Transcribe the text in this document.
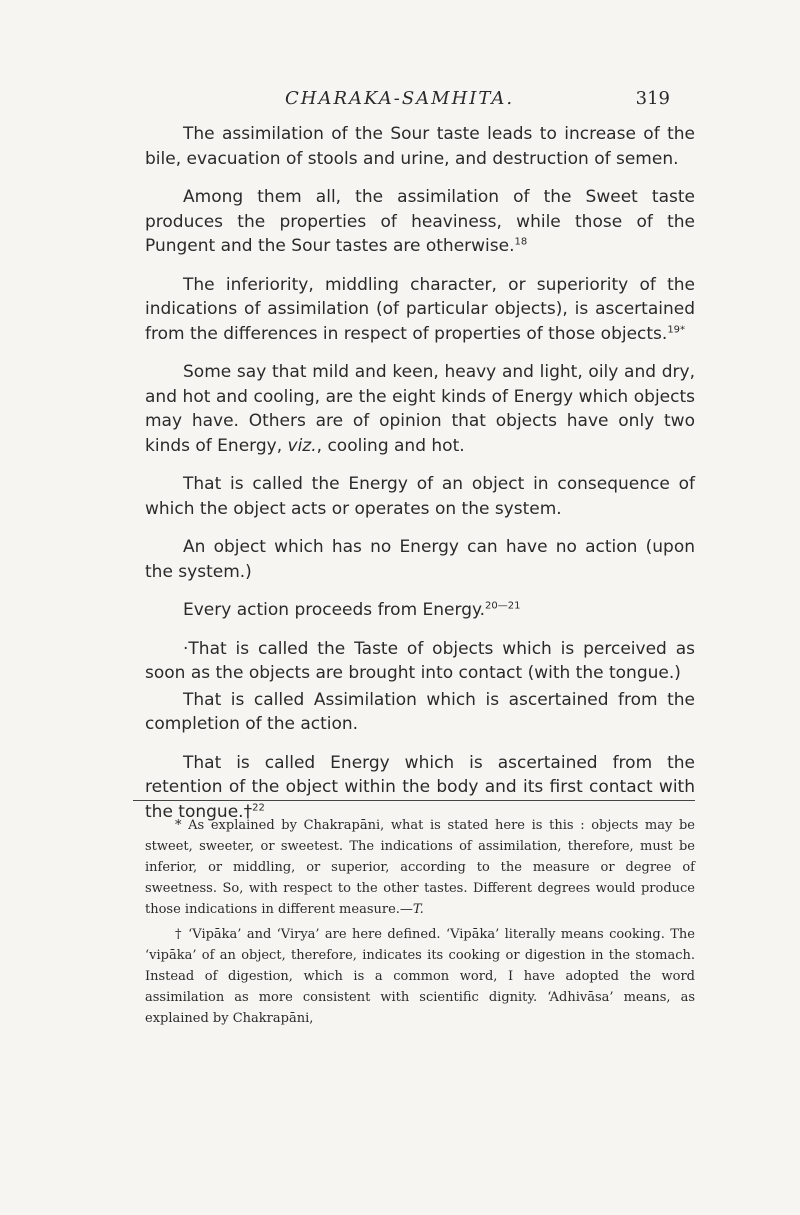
CHARAKA-SAMHITA.	319

The assimilation of the Sour taste leads to increase of the bile, evacuation of stools and urine, and destruction of semen.

Among them all, the assimilation of the Sweet taste produces the properties of heaviness, while those of the Pungent and the Sour tastes are otherwise.$^{18}$

The inferiority, middling character, or superiority of the indications of assimilation (of particular objects), is ascertained from the differences in respect of properties of those objects.$^{19*}$

Some say that mild and keen, heavy and light, oily and dry, and hot and cooling, are the eight kinds of Energy which objects may have. Others are of opinion that objects have only two kinds of Energy, viz., cooling and hot.

That is called the Energy of an object in consequence of which the object acts or operates on the system.

An object which has no Energy can have no action (upon the system.)

Every action proceeds from Energy.$^{20—21}$

·That is called the Taste of objects which is perceived as soon as the objects are brought into contact (with the tongue.)

That is called Assimilation which is ascertained from the completion of the action.

That is called Energy which is ascertained from the retention of the object within the body and its first contact with the tongue.†$^{22}$

* As explained by Chakrapāni, what is stated here is this : objects may be stweet, sweeter, or sweetest. The indications of assimilation, therefore, must be inferior, or middling, or superior, according to the measure or degree of sweetness. So, with respect to the other tastes. Different degrees would produce those indications in different measure.—T.

† ‘Vipāka’ and ‘Virya’ are here defined. ‘Vipāka’ literally means cooking. The ‘vipāka’ of an object, therefore, indicates its cooking or digestion in the stomach. Instead of digestion, which is a common word, I have adopted the word assimilation as more consistent with scientific dignity. ‘Adhivāsa’ means, as explained by Chakrapāni,
